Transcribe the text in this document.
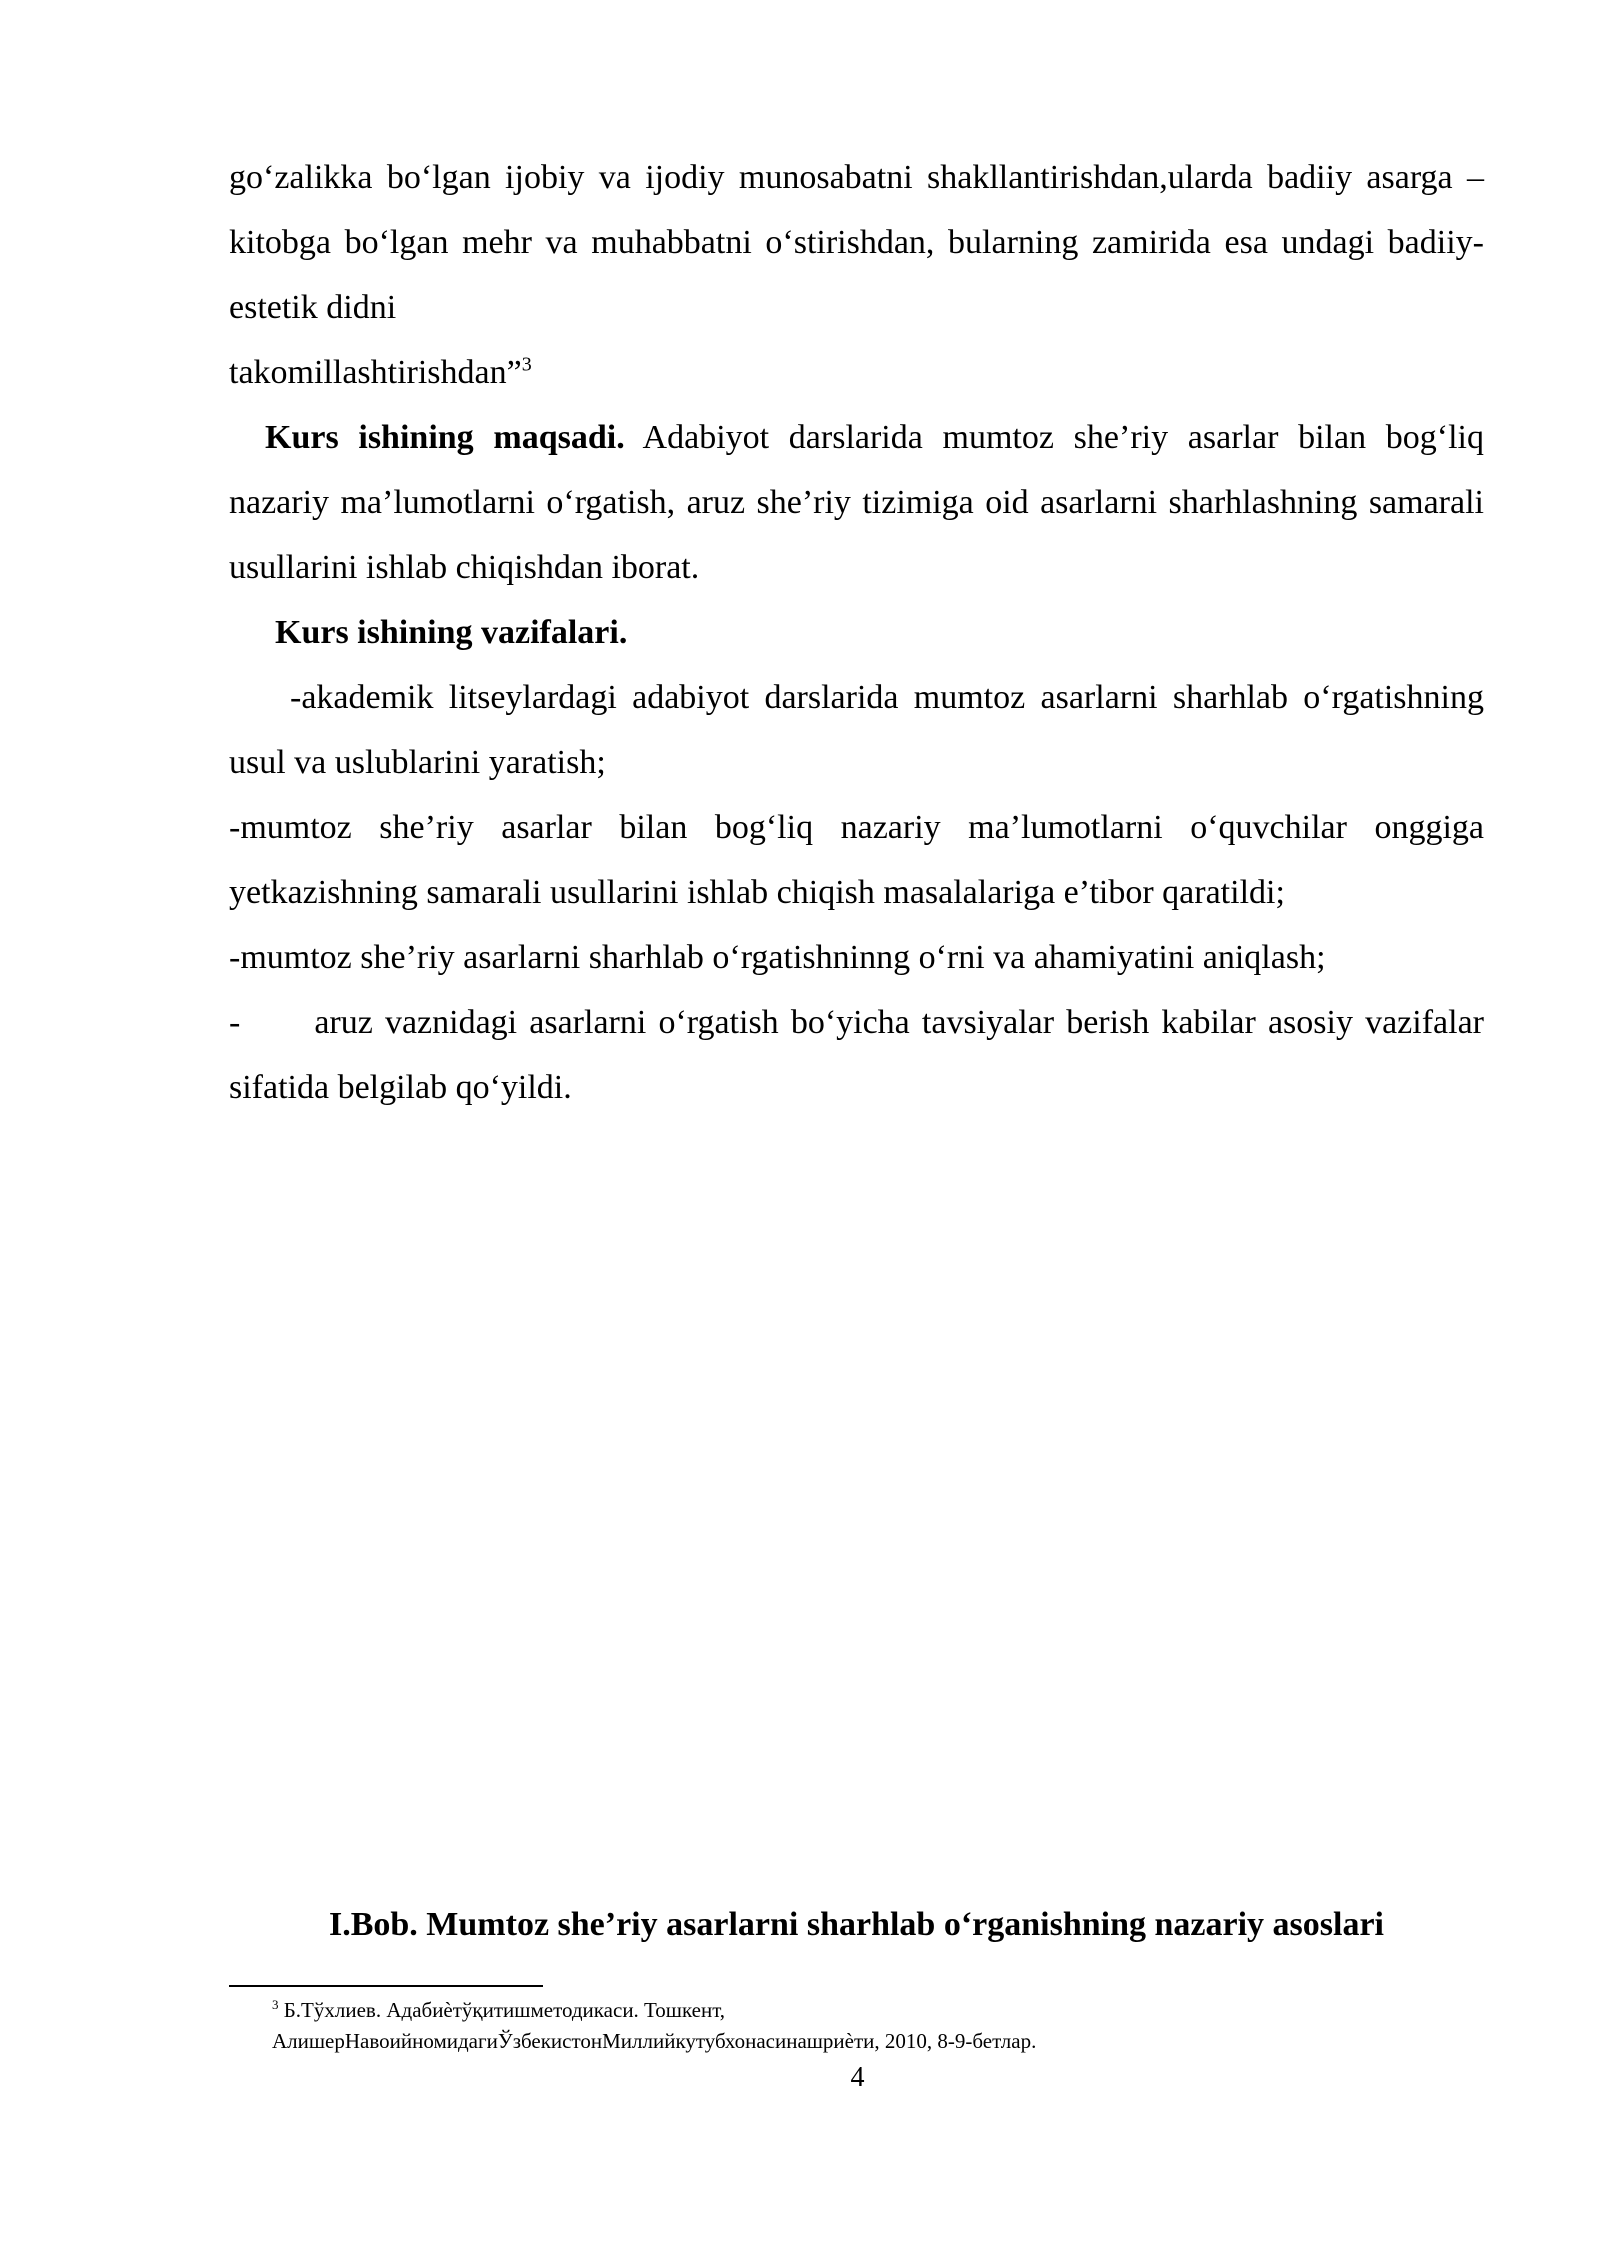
go‘zalikka bo‘lgan ijobiy va ijodiy munosabatni shakllantirishdan,ularda badiiy asarga – kitobga bo‘lgan mehr va muhabbatni o‘stirishdan, bularning zamirida esa undagi badiiy-estetik didni

takomillashtirishdan”$^3$

Kurs ishining maqsadi. Adabiyot darslarida mumtoz she’riy asarlar bilan bog‘liq nazariy ma’lumotlarni o‘rgatish, aruz she’riy tizimiga oid asarlarni sharhlashning samarali usullarini ishlab chiqishdan iborat.

Kurs ishining vazifalari.

-akademik litseylardagi adabiyot darslarida mumtoz asarlarni sharhlab o‘rgatishning usul va uslublarini yaratish;

-mumtoz she’riy asarlar bilan bog‘liq nazariy ma’lumotlarni o‘quvchilar onggiga yetkazishning samarali usullarini ishlab chiqish masalalariga e’tibor qaratildi;

-mumtoz she’riy asarlarni sharhlab o‘rgatishninng o‘rni va ahamiyatini aniqlash;

- aruz vaznidagi asarlarni o‘rgatish bo‘yicha tavsiyalar berish kabilar asosiy vazifalar sifatida belgilab qo‘yildi.

I.Bob. Mumtoz she’riy asarlarni sharhlab o‘rganishning nazariy asoslari

$^3$ Б.Тўхлиев. Адабиѐтўқитишметодикаси. Тошкент,

АлишерНавоийномидагиЎзбекистонМиллийкутубхонасинашриѐти, 2010, 8-9-бетлар.

4
